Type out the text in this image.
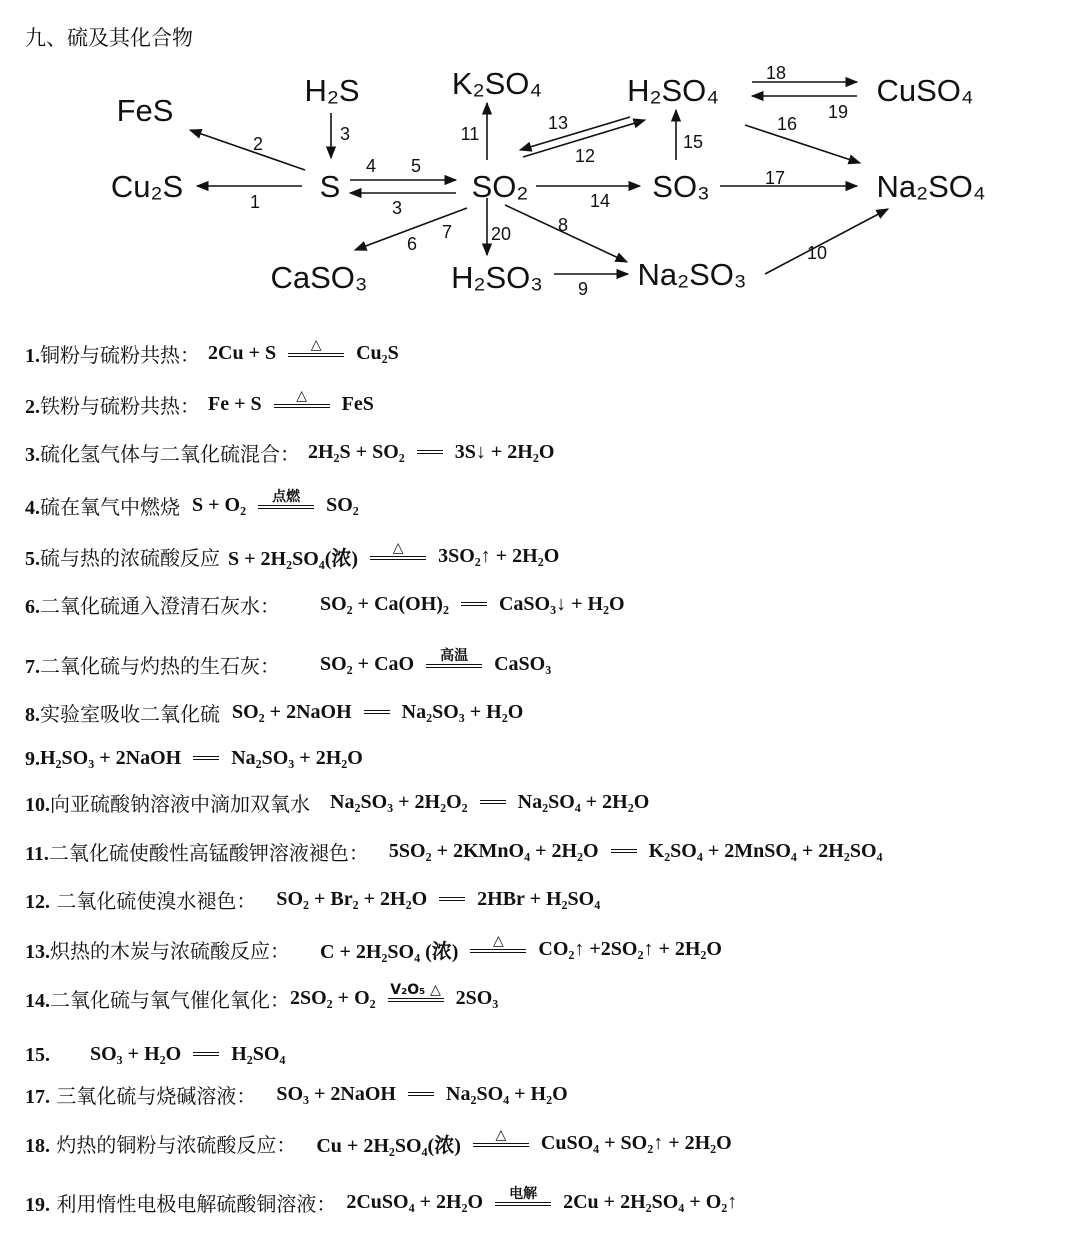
九、硫及其化合物
1
2	3
4 5
3
11
13
12
15
14
17
16
18
19
20
7
6
8
9
10
FeS
H₂S	K₂SO₄	H₂SO₄	CuSO₄
Cu₂S	S	SO₂	SO₃	Na₂SO₄
CaSO₃	H₂SO₃	Na₂SO₃
1.铜粉与硫粉共热： 2Cu + S △ Cu₂S
2.铁粉与硫粉共热： Fe + S △ FeS
3.硫化氢气体与二氧化硫混合： 2H₂S + SO₂	3S↓ + 2H₂O
4.硫在氧气中燃烧 S + O₂ 点燃 SO₂
5.硫与热的浓硫酸反应 S + 2H₂SO₄(浓) △ 3SO₂↑ + 2H₂O
6.二氧化硫通入澄清石灰水： SO₂ + Ca(OH)₂	CaSO₃↓ + H₂O
7.二氧化硫与灼热的生石灰： SO₂ + CaO 高温 CaSO₃
8.实验室吸收二氧化硫 SO₂ + 2NaOH	Na₂SO₃ + H₂O
9. H₂SO₃ + 2NaOH	Na₂SO₃ + 2H₂O
10.向亚硫酸钠溶液中滴加双氧水 Na₂SO₃ + 2H₂O₂	Na₂SO₄ + 2H₂O
11.二氧化硫使酸性高锰酸钾溶液褪色： 5SO₂ + 2KMnO₄ + 2H₂O	K₂SO₄ + 2MnSO₄ + 2H₂SO₄
12. 二氧化硫使溴水褪色： SO₂ + Br₂ + 2H₂O	2HBr + H₂SO₄
13.炽热的木炭与浓硫酸反应： C + 2H₂SO₄ (浓) △ CO₂↑ +2SO₂↑ + 2H₂O
14.二氧化硫与氧气催化氧化： 2SO₂ + O₂ V₂O₅ △ 2SO₃
15. SO₃ + H₂O	H₂SO₄
17. 三氧化硫与烧碱溶液： SO₃ + 2NaOH	Na₂SO₄ + H₂O
18. 灼热的铜粉与浓硫酸反应： Cu + 2H₂SO₄(浓) △ CuSO₄ + SO₂↑ + 2H₂O
19. 利用惰性电极电解硫酸铜溶液： 2CuSO₄ + 2H₂O 电解 2Cu + 2H₂SO₄ + O₂↑
